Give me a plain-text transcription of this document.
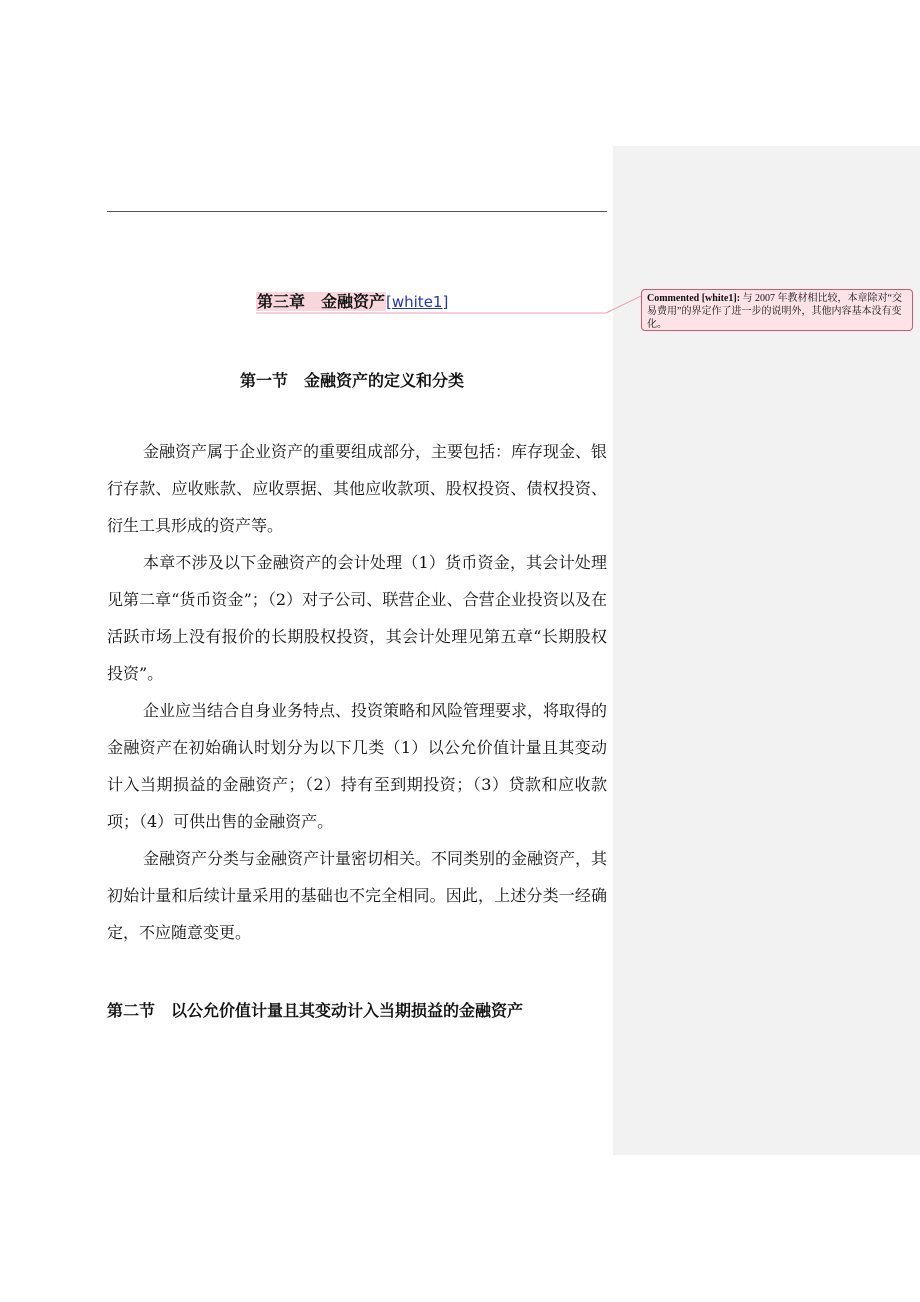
第三章　金融资产[white1]	Commented [white1]: 与 2007 年教材相比较，本章除对“交易费用”的界定作了进一步的说明外，其他内容基本没有变化。
第一节　金融资产的定义和分类

金融资产属于企业资产的重要组成部分，主要包括：库存现金、银行存款、应收账款、应收票据、其他应收款项、股权投资、债权投资、衍生工具形成的资产等。

本章不涉及以下金融资产的会计处理（1）货币资金，其会计处理见第二章“货币资金”；（2）对子公司、联营企业、合营企业投资以及在活跃市场上没有报价的长期股权投资，其会计处理见第五章“长期股权投资”。

企业应当结合自身业务特点、投资策略和风险管理要求，将取得的金融资产在初始确认时划分为以下几类（1）以公允价值计量且其变动计入当期损益的金融资产；（2）持有至到期投资；（3）贷款和应收款项；（4）可供出售的金融资产。

金融资产分类与金融资产计量密切相关。不同类别的金融资产，其初始计量和后续计量采用的基础也不完全相同。因此，上述分类一经确定，不应随意变更。

第二节　以公允价值计量且其变动计入当期损益的金融资产
